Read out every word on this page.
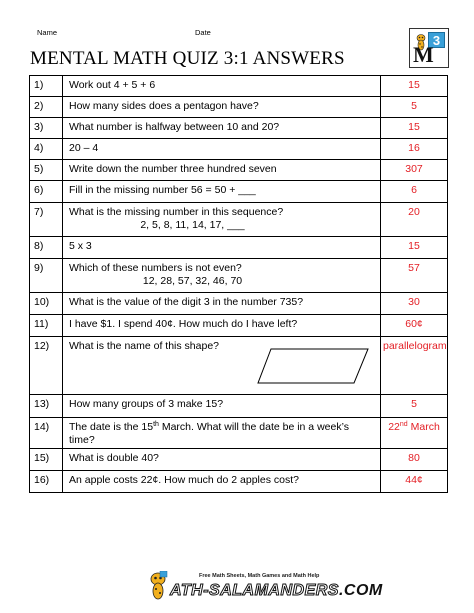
Name	Date
MENTAL MATH QUIZ 3:1 ANSWERS
3
M
1)	Work out 4 + 5 + 6	15
2)	How many sides does a pentagon have?	5
3)	What number is halfway between 10 and 20?	15
4)	20 – 4	16
5)	Write down the number three hundred seven	307
6)	Fill in the missing number 56 = 50 + ___	6
7)	What is the missing number in this sequence?
2, 5, 8, 11, 14, 17, ___	20
8)	5 x 3	15
9)	Which of these numbers is not even?
12, 28, 57, 32, 46, 70	57
10)	What is the value of the digit 3 in the number 735?	30
11)	I have $1. I spend 40¢. How much do I have left?	60¢
12)	What is the name of this shape?	parallelogram
13)	How many groups of 3 make 15?	5
14)	The date is the 15th March. What will the date be in a week’s time?	22nd March
15)	What is double 40?	80
16)	An apple costs 22¢. How much do 2 apples cost?	44¢
Free Math Sheets, Math Games and Math Help
ATH-SALAMANDERS.COM
